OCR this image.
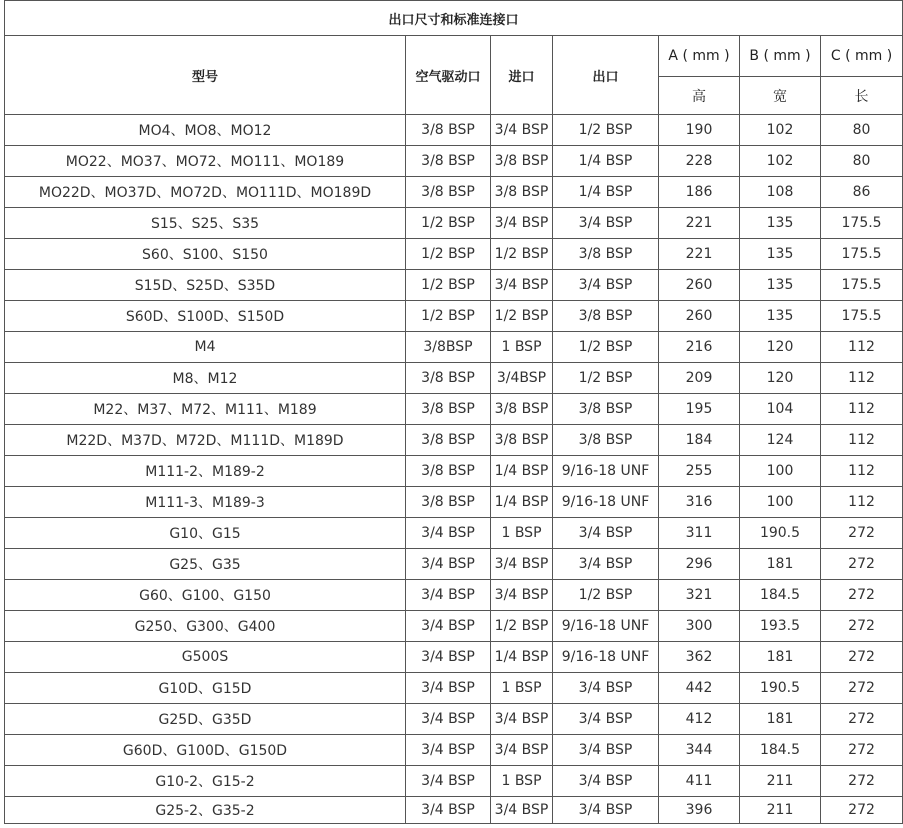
出口尺寸和标准连接口						
型号	空气驱动口	进口	出口	A ( mm )	B ( mm )	C ( mm )
				高	宽	长
MO4、MO8、MO12	3/8 BSP	3/4 BSP	1/2 BSP	190	102	80
MO22、MO37、MO72、MO111、MO189	3/8 BSP	3/8 BSP	1/4 BSP	228	102	80
MO22D、MO37D、MO72D、MO111D、MO189D	3/8 BSP	3/8 BSP	1/4 BSP	186	108	86
S15、S25、S35	1/2 BSP	3/4 BSP	3/4 BSP	221	135	175.5
S60、S100、S150	1/2 BSP	1/2 BSP	3/8 BSP	221	135	175.5
S15D、S25D、S35D	1/2 BSP	3/4 BSP	3/4 BSP	260	135	175.5
S60D、S100D、S150D	1/2 BSP	1/2 BSP	3/8 BSP	260	135	175.5
M4	3/8BSP	1 BSP	1/2 BSP	216	120	112
M8、M12	3/8 BSP	3/4BSP	1/2 BSP	209	120	112
M22、M37、M72、M111、M189	3/8 BSP	3/8 BSP	3/8 BSP	195	104	112
M22D、M37D、M72D、M111D、M189D	3/8 BSP	3/8 BSP	3/8 BSP	184	124	112
M111-2、M189-2	3/8 BSP	1/4 BSP	9/16-18 UNF	255	100	112
M111-3、M189-3	3/8 BSP	1/4 BSP	9/16-18 UNF	316	100	112
G10、G15	3/4 BSP	1 BSP	3/4 BSP	311	190.5	272
G25、G35	3/4 BSP	3/4 BSP	3/4 BSP	296	181	272
G60、G100、G150	3/4 BSP	3/4 BSP	1/2 BSP	321	184.5	272
G250、G300、G400	3/4 BSP	1/2 BSP	9/16-18 UNF	300	193.5	272
G500S	3/4 BSP	1/4 BSP	9/16-18 UNF	362	181	272
G10D、G15D	3/4 BSP	1 BSP	3/4 BSP	442	190.5	272
G25D、G35D	3/4 BSP	3/4 BSP	3/4 BSP	412	181	272
G60D、G100D、G150D	3/4 BSP	3/4 BSP	3/4 BSP	344	184.5	272
G10-2、G15-2	3/4 BSP	1 BSP	3/4 BSP	411	211	272
G25-2、G35-2	3/4 BSP	3/4 BSP	3/4 BSP	396	211	272
